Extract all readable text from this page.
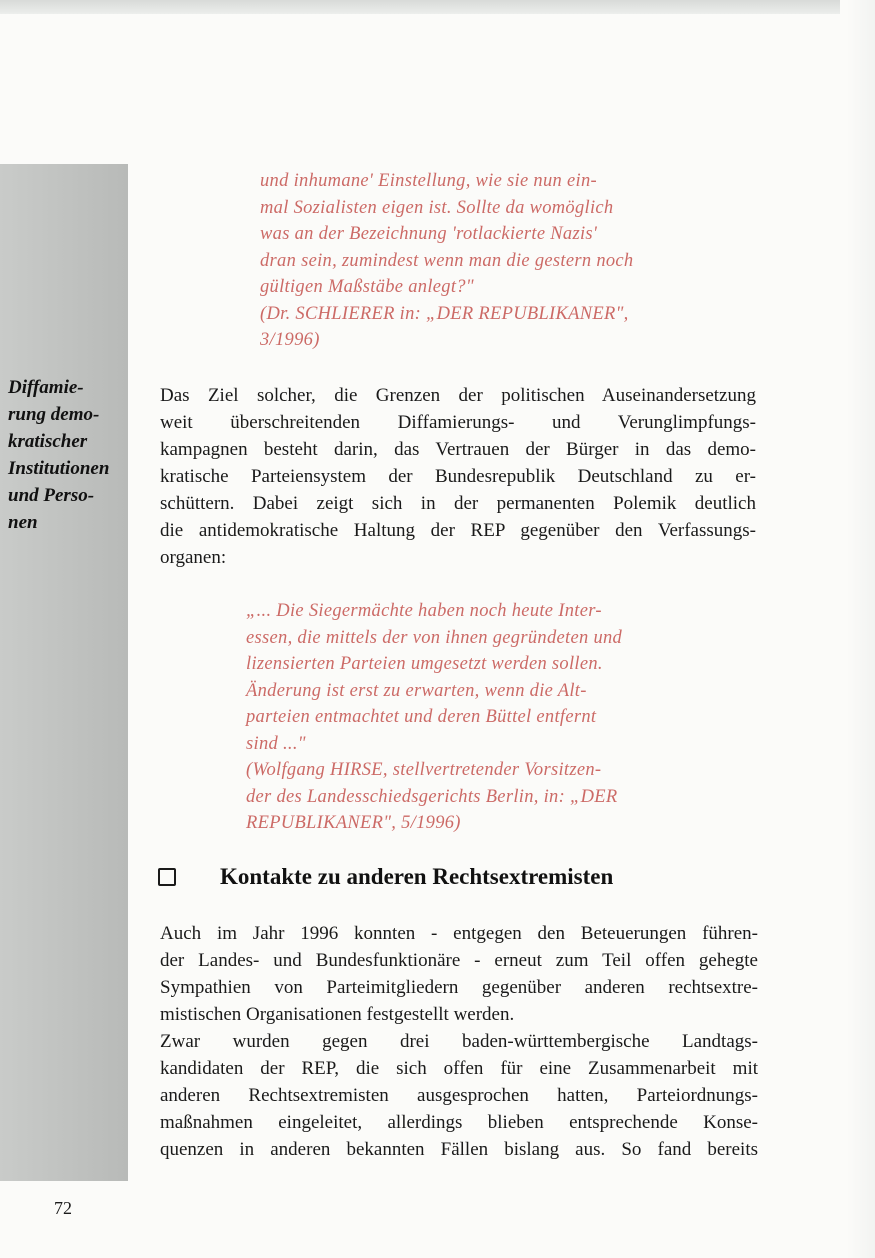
und inhumane' Einstellung, wie sie nun ein-
mal Sozialisten eigen ist. Sollte da womöglich
was an der Bezeichnung 'rotlackierte Nazis'
dran sein, zumindest wenn man die gestern noch
gültigen Maßstäbe anlegt?"
(Dr. SCHLIERER in: „DER REPUBLIKANER",
3/1996)

Diffamie-
rung demo-
kratischer
Institutionen
und Perso-
nen

Das Ziel solcher, die Grenzen der politischen Auseinandersetzung
weit überschreitenden Diffamierungs- und Verunglimpfungs-
kampagnen besteht darin, das Vertrauen der Bürger in das demo-
kratische Parteiensystem der Bundesrepublik Deutschland zu er-
schüttern. Dabei zeigt sich in der permanenten Polemik deutlich
die antidemokratische Haltung der REP gegenüber den Verfassungs-
organen:

„... Die Siegermächte haben noch heute Inter-
essen, die mittels der von ihnen gegründeten und
lizensierten Parteien umgesetzt werden sollen.
Änderung ist erst zu erwarten, wenn die Alt-
parteien entmachtet und deren Büttel entfernt
sind ..."
(Wolfgang HIRSE, stellvertretender Vorsitzen-
der des Landesschiedsgerichts Berlin, in: „DER
REPUBLIKANER", 5/1996)

Kontakte zu anderen Rechtsextremisten

Auch im Jahr 1996 konnten - entgegen den Beteuerungen führen-
der Landes- und Bundesfunktionäre - erneut zum Teil offen gehegte
Sympathien von Parteimitgliedern gegenüber anderen rechtsextre-
mistischen Organisationen festgestellt werden.
Zwar wurden gegen drei baden-württembergische Landtags-
kandidaten der REP, die sich offen für eine Zusammenarbeit mit
anderen Rechtsextremisten ausgesprochen hatten, Parteiordnungs-
maßnahmen eingeleitet, allerdings blieben entsprechende Konse-
quenzen in anderen bekannten Fällen bislang aus. So fand bereits

72
